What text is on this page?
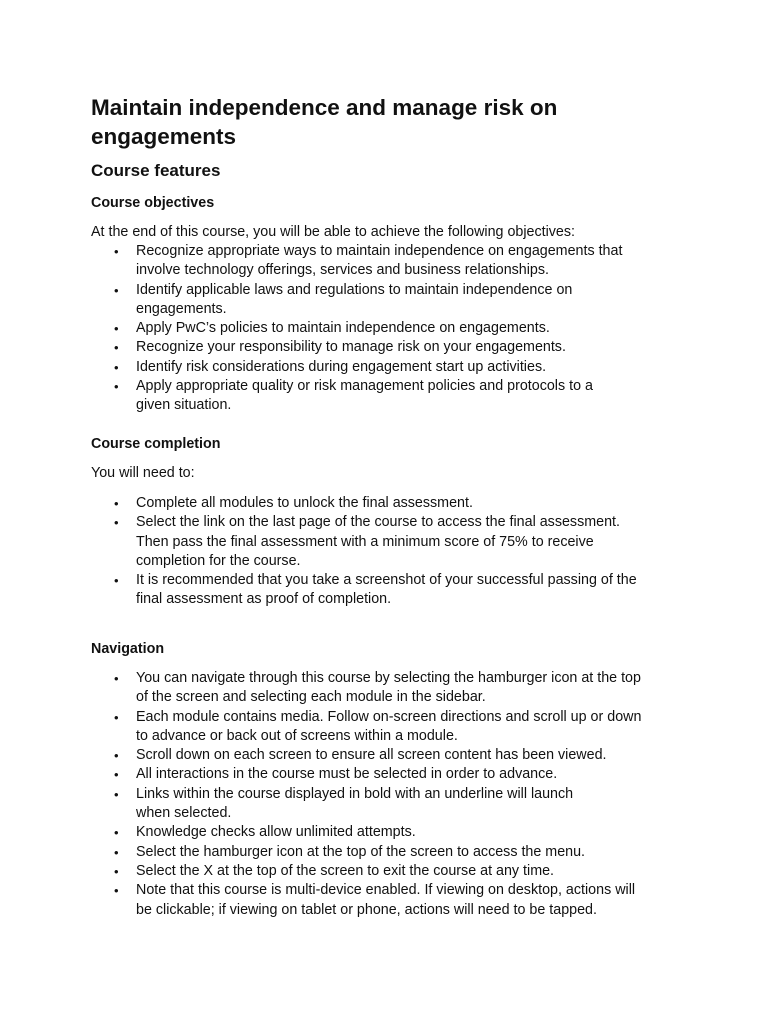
Maintain independence and manage risk on
engagements
Course features
Course objectives

At the end of this course, you will be able to achieve the following objectives:

• Recognize appropriate ways to maintain independence on engagements that
involve technology offerings, services and business relationships.
• Identify applicable laws and regulations to maintain independence on
engagements.
• Apply PwC’s policies to maintain independence on engagements.
• Recognize your responsibility to manage risk on your engagements.
• Identify risk considerations during engagement start up activities.
• Apply appropriate quality or risk management policies and protocols to a
given situation.
Course completion

You will need to:

• Complete all modules to unlock the final assessment.
• Select the link on the last page of the course to access the final assessment.
Then pass the final assessment with a minimum score of 75% to receive
completion for the course.
• It is recommended that you take a screenshot of your successful passing of the
final assessment as proof of completion.
Navigation
• You can navigate through this course by selecting the hamburger icon at the top
of the screen and selecting each module in the sidebar.
• Each module contains media. Follow on-screen directions and scroll up or down
to advance or back out of screens within a module.
• Scroll down on each screen to ensure all screen content has been viewed.
• All interactions in the course must be selected in order to advance.
• Links within the course displayed in bold with an underline will launch
when selected.
• Knowledge checks allow unlimited attempts.
• Select the hamburger icon at the top of the screen to access the menu.
• Select the X at the top of the screen to exit the course at any time.
• Note that this course is multi-device enabled. If viewing on desktop, actions will
be clickable; if viewing on tablet or phone, actions will need to be tapped.
